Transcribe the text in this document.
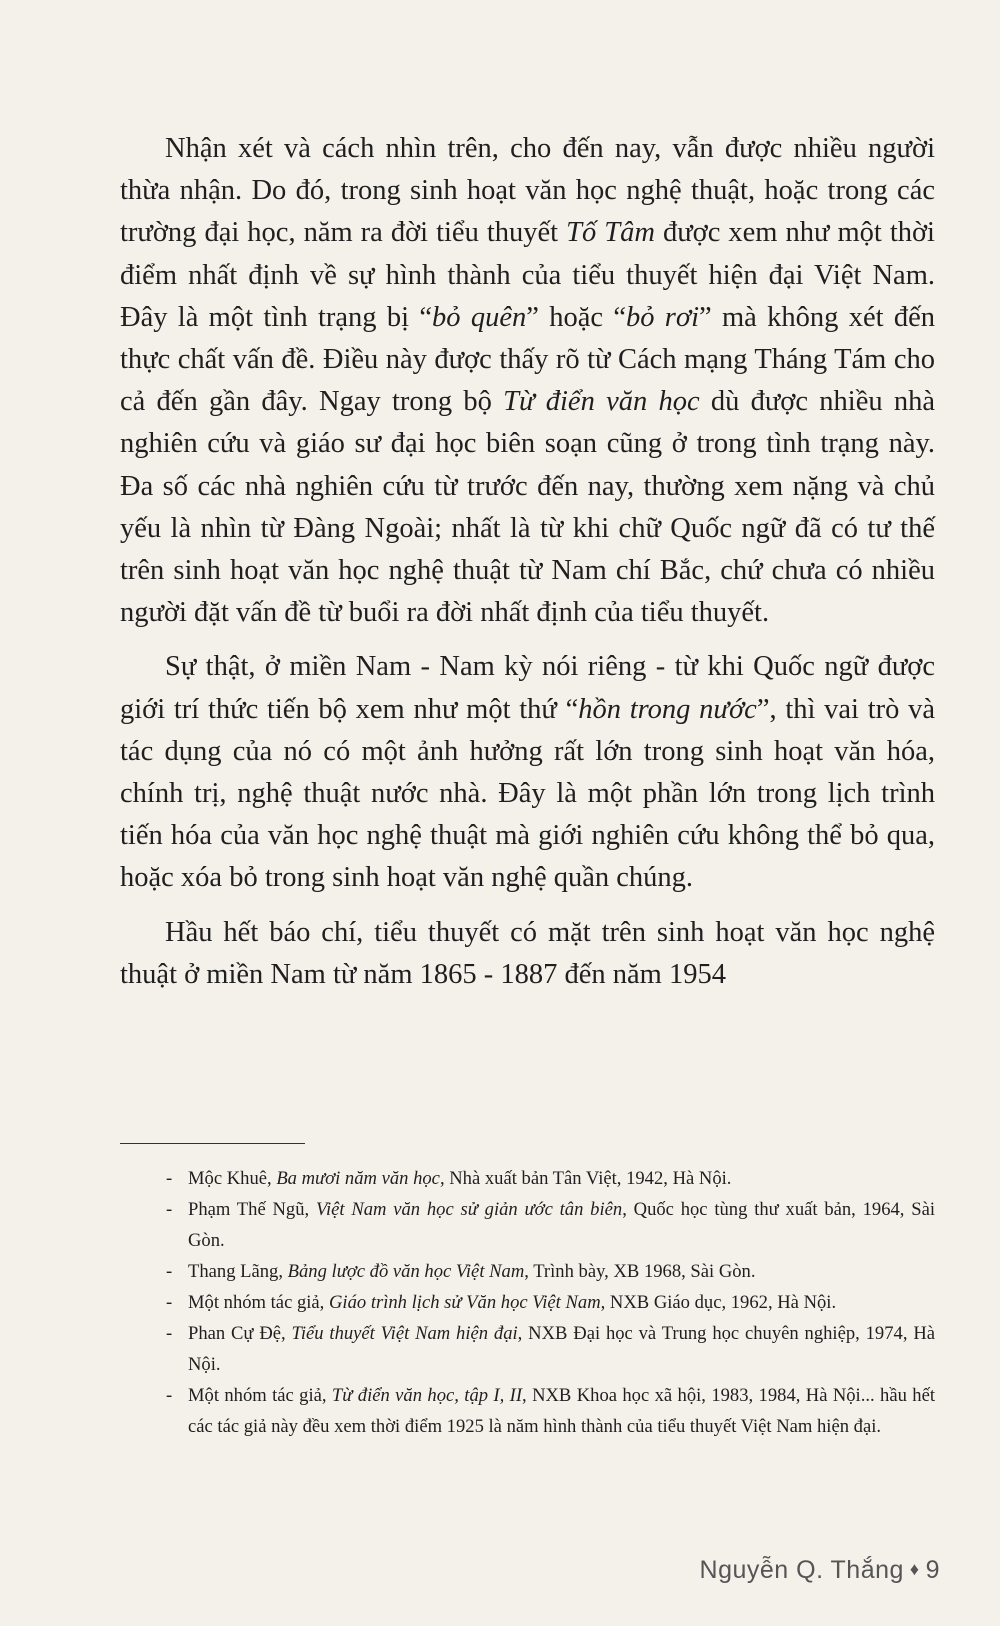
Nhận xét và cách nhìn trên, cho đến nay, vẫn được nhiều người thừa nhận. Do đó, trong sinh hoạt văn học nghệ thuật, hoặc trong các trường đại học, năm ra đời tiểu thuyết Tố Tâm được xem như một thời điểm nhất định về sự hình thành của tiểu thuyết hiện đại Việt Nam. Đây là một tình trạng bị “bỏ quên” hoặc “bỏ rơi” mà không xét đến thực chất vấn đề. Điều này được thấy rõ từ Cách mạng Tháng Tám cho cả đến gần đây. Ngay trong bộ Từ điển văn học dù được nhiều nhà nghiên cứu và giáo sư đại học biên soạn cũng ở trong tình trạng này. Đa số các nhà nghiên cứu từ trước đến nay, thường xem nặng và chủ yếu là nhìn từ Đàng Ngoài; nhất là từ khi chữ Quốc ngữ đã có tư thế trên sinh hoạt văn học nghệ thuật từ Nam chí Bắc, chứ chưa có nhiều người đặt vấn đề từ buổi ra đời nhất định của tiểu thuyết.

Sự thật, ở miền Nam - Nam kỳ nói riêng - từ khi Quốc ngữ được giới trí thức tiến bộ xem như một thứ “hồn trong nước”, thì vai trò và tác dụng của nó có một ảnh hưởng rất lớn trong sinh hoạt văn hóa, chính trị, nghệ thuật nước nhà. Đây là một phần lớn trong lịch trình tiến hóa của văn học nghệ thuật mà giới nghiên cứu không thể bỏ qua, hoặc xóa bỏ trong sinh hoạt văn nghệ quần chúng.

Hầu hết báo chí, tiểu thuyết có mặt trên sinh hoạt văn học nghệ thuật ở miền Nam từ năm 1865 - 1887 đến năm 1954

- Mộc Khuê, Ba mươi năm văn học, Nhà xuất bản Tân Việt, 1942, Hà Nội.
- Phạm Thế Ngũ, Việt Nam văn học sử giản ước tân biên, Quốc học tùng thư xuất bản, 1964, Sài Gòn.
- Thang Lãng, Bảng lược đồ văn học Việt Nam, Trình bày, XB 1968, Sài Gòn.
- Một nhóm tác giả, Giáo trình lịch sử Văn học Việt Nam, NXB Giáo dục, 1962, Hà Nội.
- Phan Cự Đệ, Tiểu thuyết Việt Nam hiện đại, NXB Đại học và Trung học chuyên nghiệp, 1974, Hà Nội.
- Một nhóm tác giả, Từ điển văn học, tập I, II, NXB Khoa học xã hội, 1983, 1984, Hà Nội... hầu hết các tác giả này đều xem thời điểm 1925 là năm hình thành của tiểu thuyết Việt Nam hiện đại.
Nguyễn Q. Thắng ♦ 9
